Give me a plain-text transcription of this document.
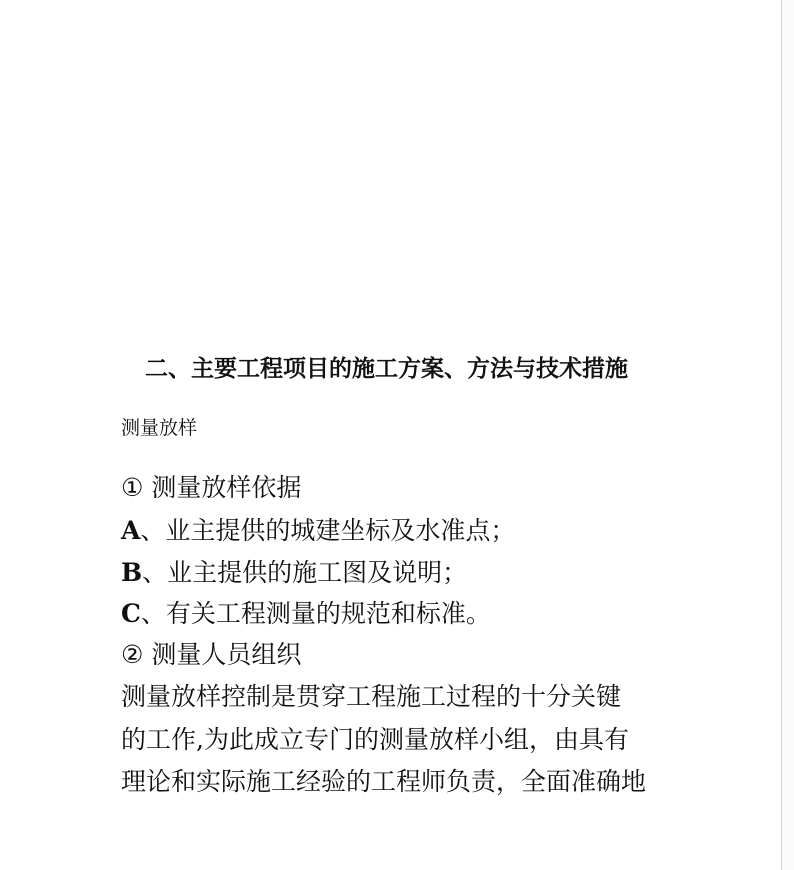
二、主要工程项目的施工方案、方法与技术措施
测量放样
① 测量放样依据
A、业主提供的城建坐标及水准点；
B、业主提供的施工图及说明；
C、有关工程测量的规范和标准。
② 测量人员组织
测量放样控制是贯穿工程施工过程的十分关键
的工作,为此成立专门的测量放样小组，由具有
理论和实际施工经验的工程师负责，全面准确地
